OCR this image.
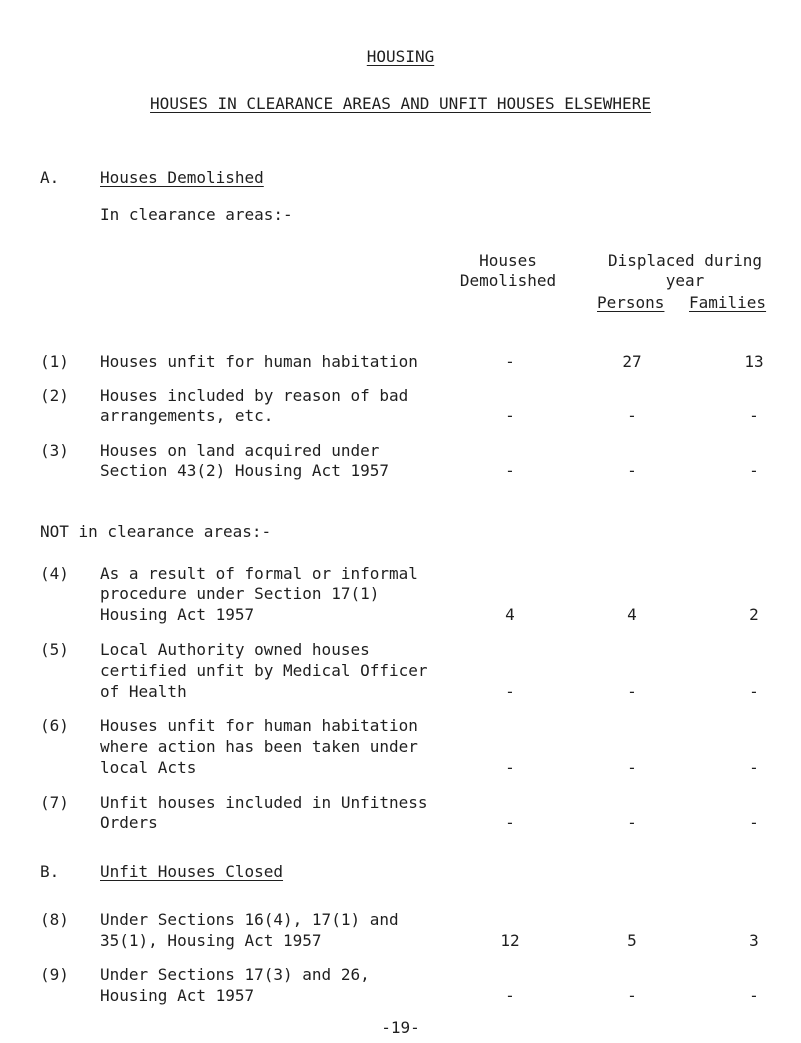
HOUSING
HOUSES IN CLEARANCE AREAS AND UNFIT HOUSES ELSEWHERE
A.	Houses Demolished
In clearance areas:-
Houses
Demolished
Displaced during
year
Persons Families
(1) Houses unfit for human habitation	-	27	13
(2) Houses included by reason of bad
arrangements, etc.	-	-	-
(3) Houses on land acquired under
Section 43(2) Housing Act 1957	-	-	-
NOT in clearance areas:-
(4) As a result of formal or informal
procedure under Section 17(1)
Housing Act 1957	4	4	2
(5) Local Authority owned houses
certified unfit by Medical Officer
of Health	-	-	-
(6) Houses unfit for human habitation
where action has been taken under
local Acts	-	-	-
(7) Unfit houses included in Unfitness
Orders	-	-	-
B.	Unfit Houses Closed
(8) Under Sections 16(4), 17(1) and
35(1), Housing Act 1957	12	5	3
(9) Under Sections 17(3) and 26,
Housing Act 1957	-	-	-
-19-
